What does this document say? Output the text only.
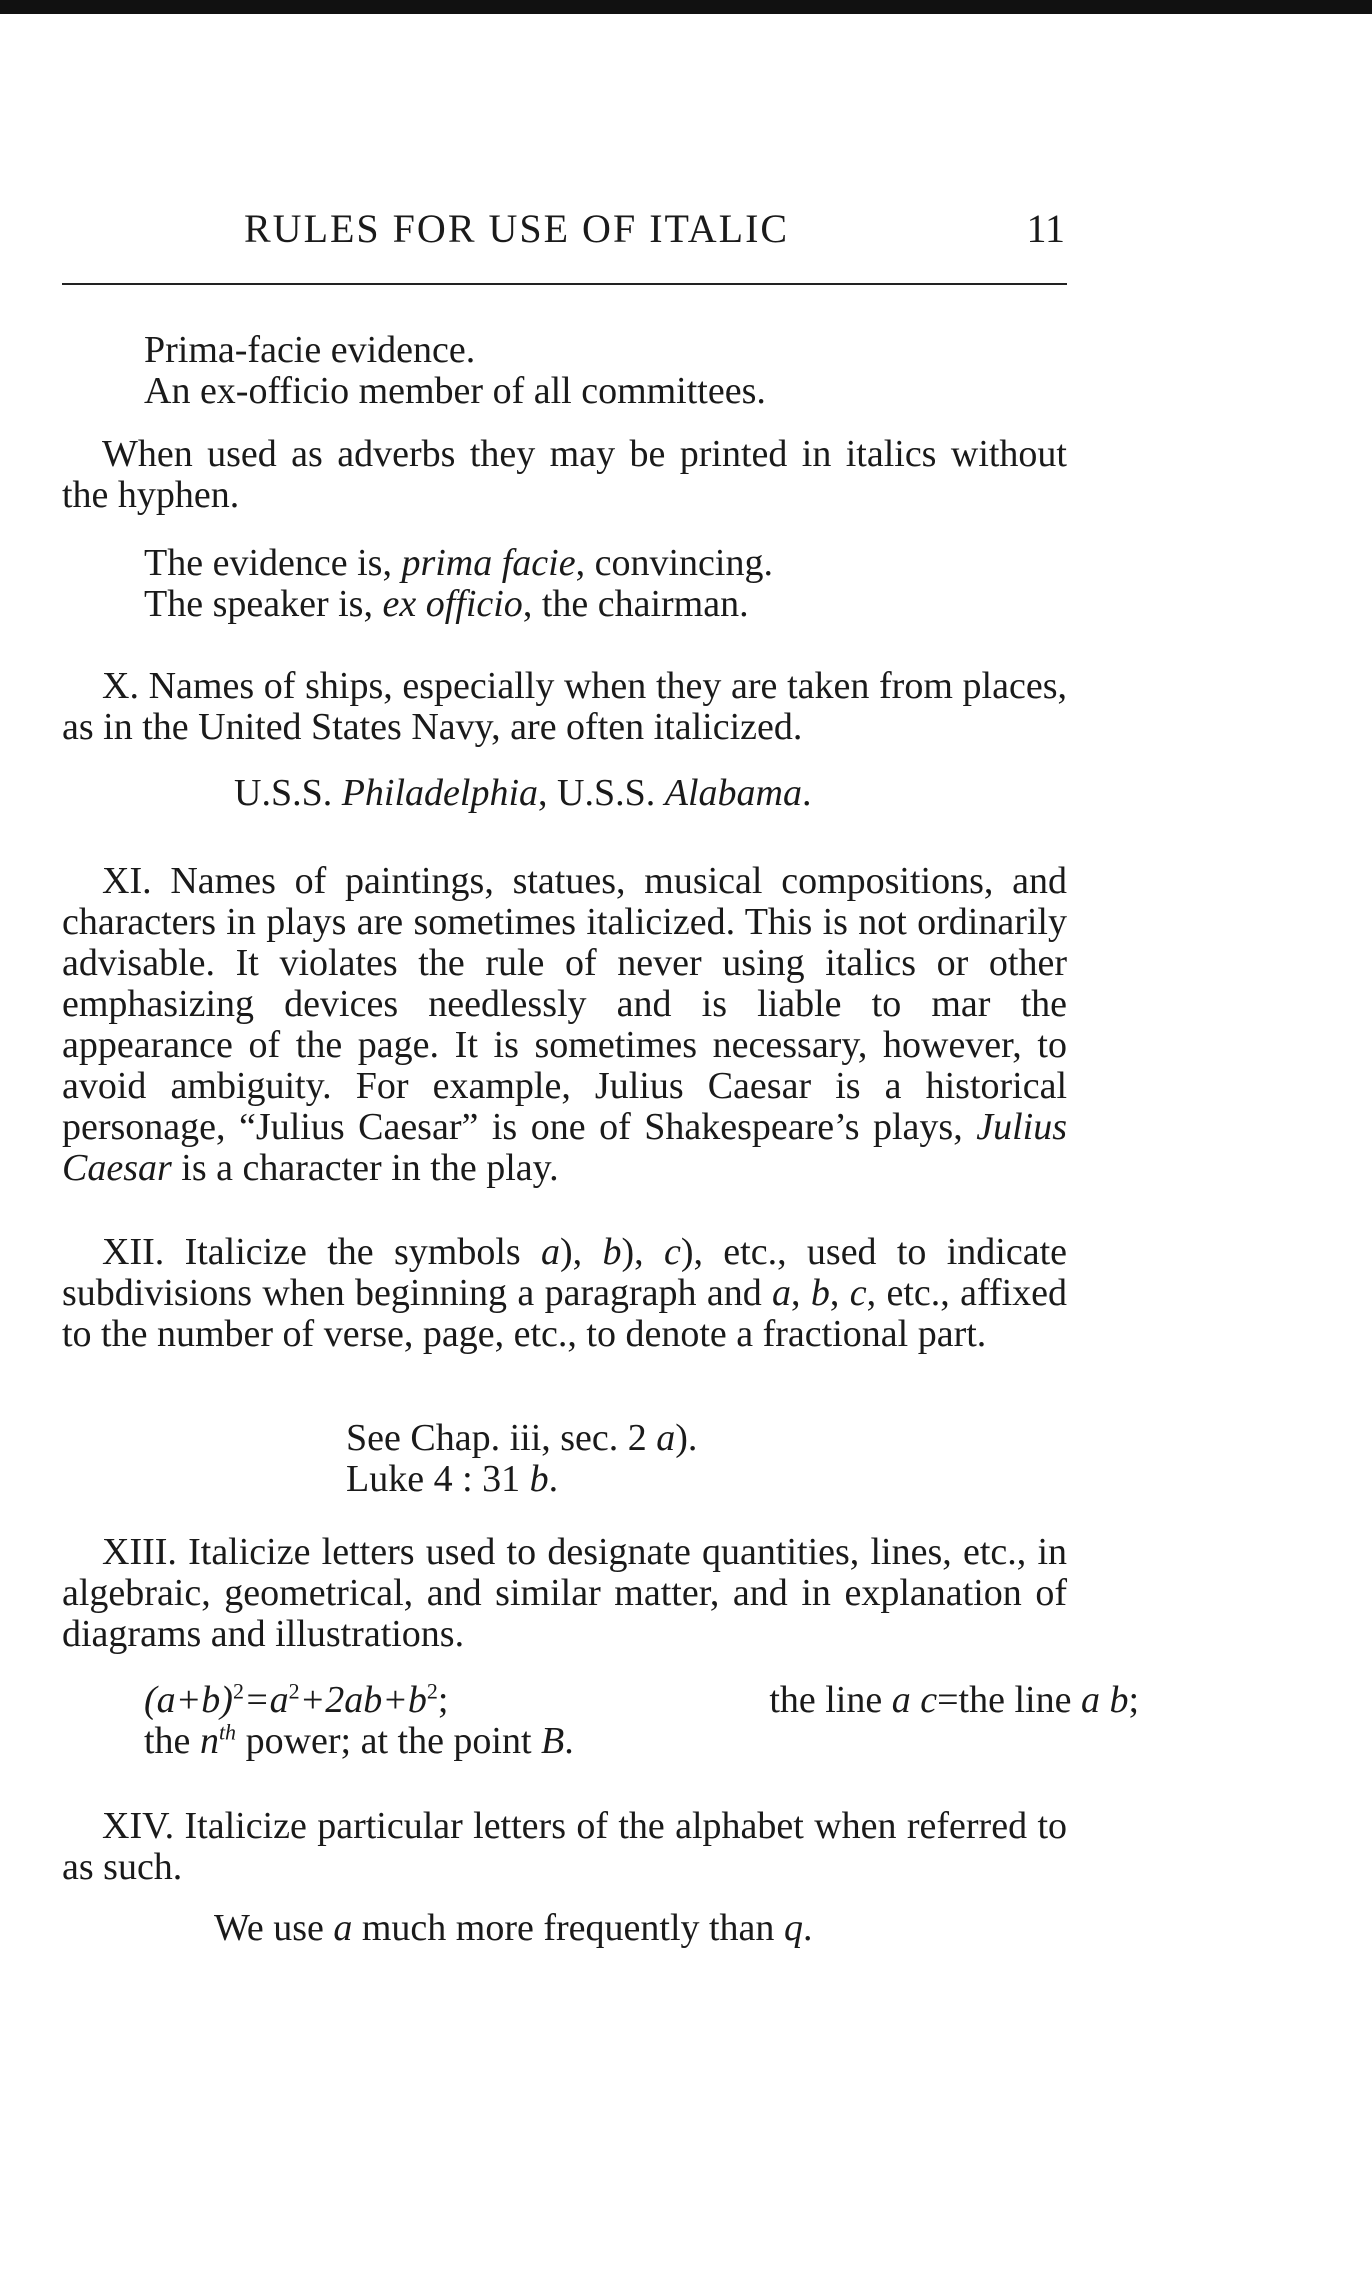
RULES FOR USE OF ITALIC	11
Prima-facie evidence.
An ex-officio member of all committees.
When used as adverbs they may be printed in italics without the hyphen.
The evidence is, prima facie, convincing.
The speaker is, ex officio, the chairman.
X. Names of ships, especially when they are taken from places, as in the United States Navy, are often italicized.
U.S.S. Philadelphia, U.S.S. Alabama.
XI. Names of paintings, statues, musical compositions, and characters in plays are sometimes italicized. This is not ordinarily advisable. It violates the rule of never using italics or other emphasizing devices needlessly and is liable to mar the appearance of the page. It is sometimes necessary, however, to avoid ambiguity. For example, Julius Caesar is a historical personage, “Julius Caesar” is one of Shakespeare’s plays, Julius Caesar is a character in the play.
XII. Italicize the symbols a), b), c), etc., used to indicate subdivisions when beginning a paragraph and a, b, c, etc., affixed to the number of verse, page, etc., to denote a fractional part.
See Chap. iii, sec. 2 a).
Luke 4 : 31 b.
XIII. Italicize letters used to designate quantities, lines, etc., in algebraic, geometrical, and similar matter, and in explanation of diagrams and illustrations.
$(a+b)^2=a^2+2ab+b^2$;	the line a c=the line a b;
the $n^{th}$ power; at the point B.
XIV. Italicize particular letters of the alphabet when referred to as such.
We use a much more frequently than q.
